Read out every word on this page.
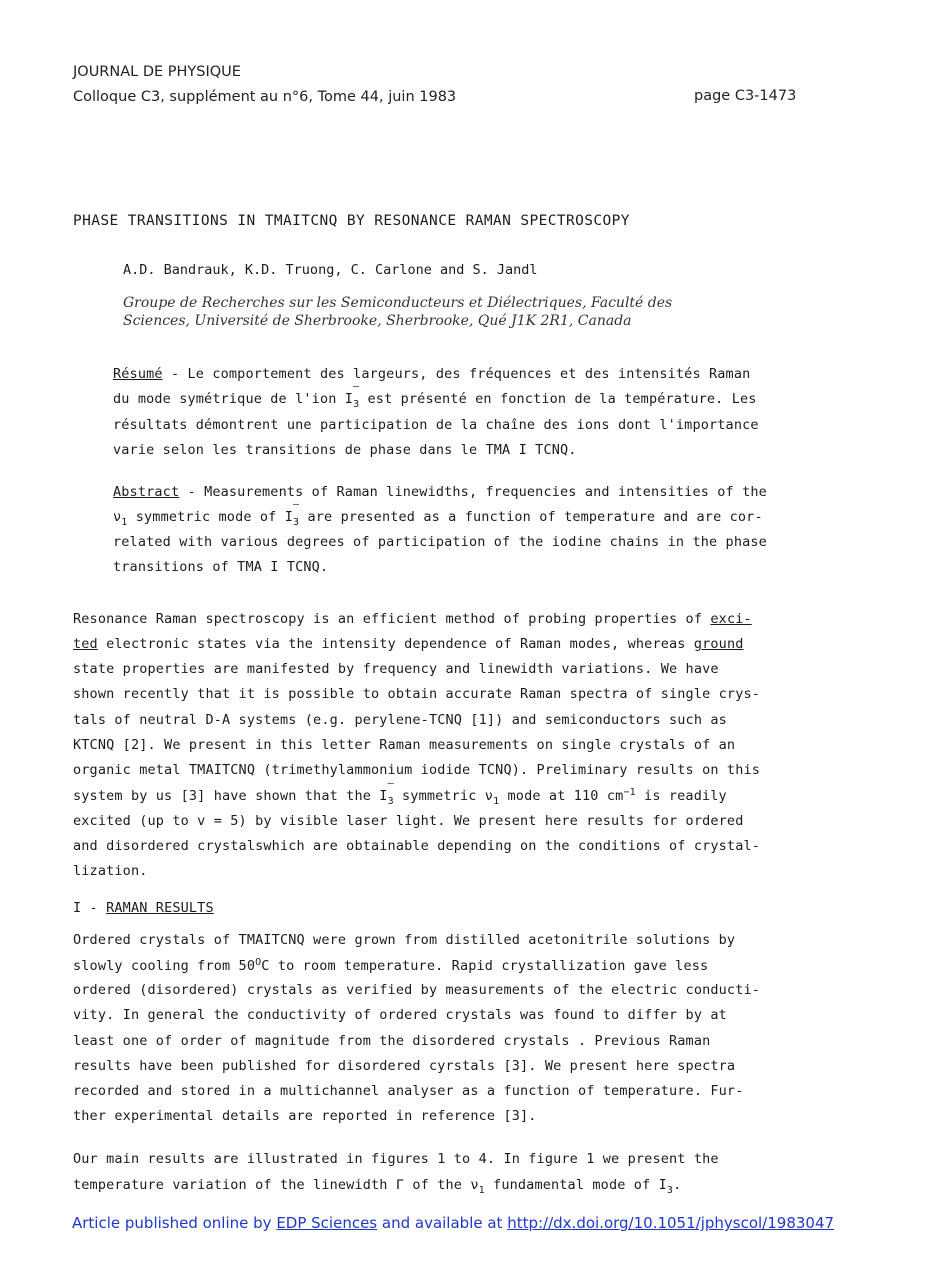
JOURNAL DE PHYSIQUE
Colloque C3, supplément au n°6, Tome 44, juin 1983	page C3-1473
PHASE TRANSITIONS IN TMAITCNQ BY RESONANCE RAMAN SPECTROSCOPY
A.D. Bandrauk, K.D. Truong, C. Carlone and S. Jandl
Groupe de Recherches sur les Semiconducteurs et Diélectriques, Faculté des
Sciences, Université de Sherbrooke, Sherbrooke, Qué J1K 2R1, Canada
Résumé - Le comportement des largeurs, des fréquences et des intensités Raman
du mode symétrique de l'ion $I_3$
–
est présenté en fonction de la température. Les
résultats démontrent une participation de la chaîne des ions dont l'importance
varie selon les transitions de phase dans le TMA I TCNQ.
Abstract - Measurements of Raman linewidths, frequencies and intensities of the
$\nu_1$ symmetric mode of $I_3$
–
are presented as a function of temperature and are cor-
related with various degrees of participation of the iodine chains in the phase
transitions of TMA I TCNQ.
Resonance Raman spectroscopy is an efficient method of probing properties of exci-
ted electronic states via the intensity dependence of Raman modes, whereas ground
state properties are manifested by frequency and linewidth variations. We have
shown recently that it is possible to obtain accurate Raman spectra of single crys-
tals of neutral D-A systems (e.g. perylene-TCNQ [1]) and semiconductors such as
KTCNQ [2]. We present in this letter Raman measurements on single crystals of an
organic metal TMAITCNQ (trimethylammonium iodide TCNQ). Preliminary results on this
system by us [3] have shown that the $I_3$
–
symmetric $\nu_1$ mode at 110 $cm^{-1}$ is readily
excited (up to v = 5) by visible laser light. We present here results for ordered
and disordered crystalswhich are obtainable depending on the conditions of crystal-
lization.
I - RAMAN RESULTS
Ordered crystals of TMAITCNQ were grown from distilled acetonitrile solutions by
slowly cooling from $50^OC$ to room temperature. Rapid crystallization gave less
ordered (disordered) crystals as verified by measurements of the electric conducti-
vity. In general the conductivity of ordered crystals was found to differ by at
least one of order of magnitude from the disordered crystals . Previous Raman
results have been published for disordered cyrstals [3]. We present here spectra
recorded and stored in a multichannel analyser as a function of temperature. Fur-
ther experimental details are reported in reference [3].
Our main results are illustrated in figures 1 to 4. In figure 1 we present the
temperature variation of the linewidth Γ of the $\nu_1$ fundamental mode of $I_3$.
Article published online by EDP Sciences and available at http://dx.doi.org/10.1051/jphyscol/1983047
